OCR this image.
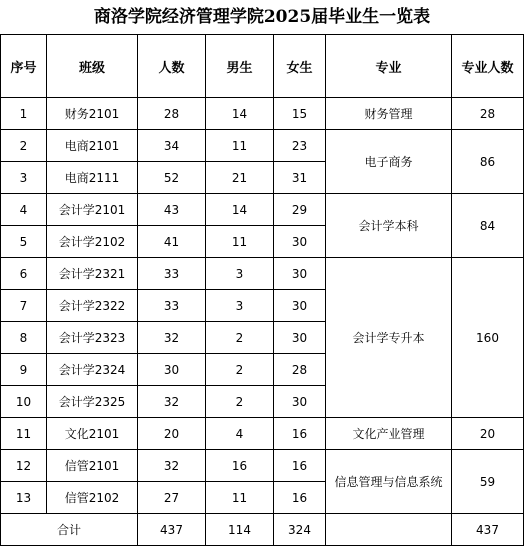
商洛学院经济管理学院2025届毕业生一览表
序号	班级	人数	男生	女生	专业	专业人数
1	财务2101	28	14	15	财务管理	28
2	电商2101	34	11	23	电子商务	86
3	电商2111	52	21	31		
4	会计学2101	43	14	29	会计学本科	84
5	会计学2102	41	11	30		
6	会计学2321	33	3	30	会计学专升本	160
7	会计学2322	33	3	30		
8	会计学2323	32	2	30		
9	会计学2324	30	2	28		
10	会计学2325	32	2	30		
11	文化2101	20	4	16	文化产业管理	20
12	信管2101	32	16	16	信息管理与信息系统	59
13	信管2102	27	11	16		
合计		437	114	324		437
